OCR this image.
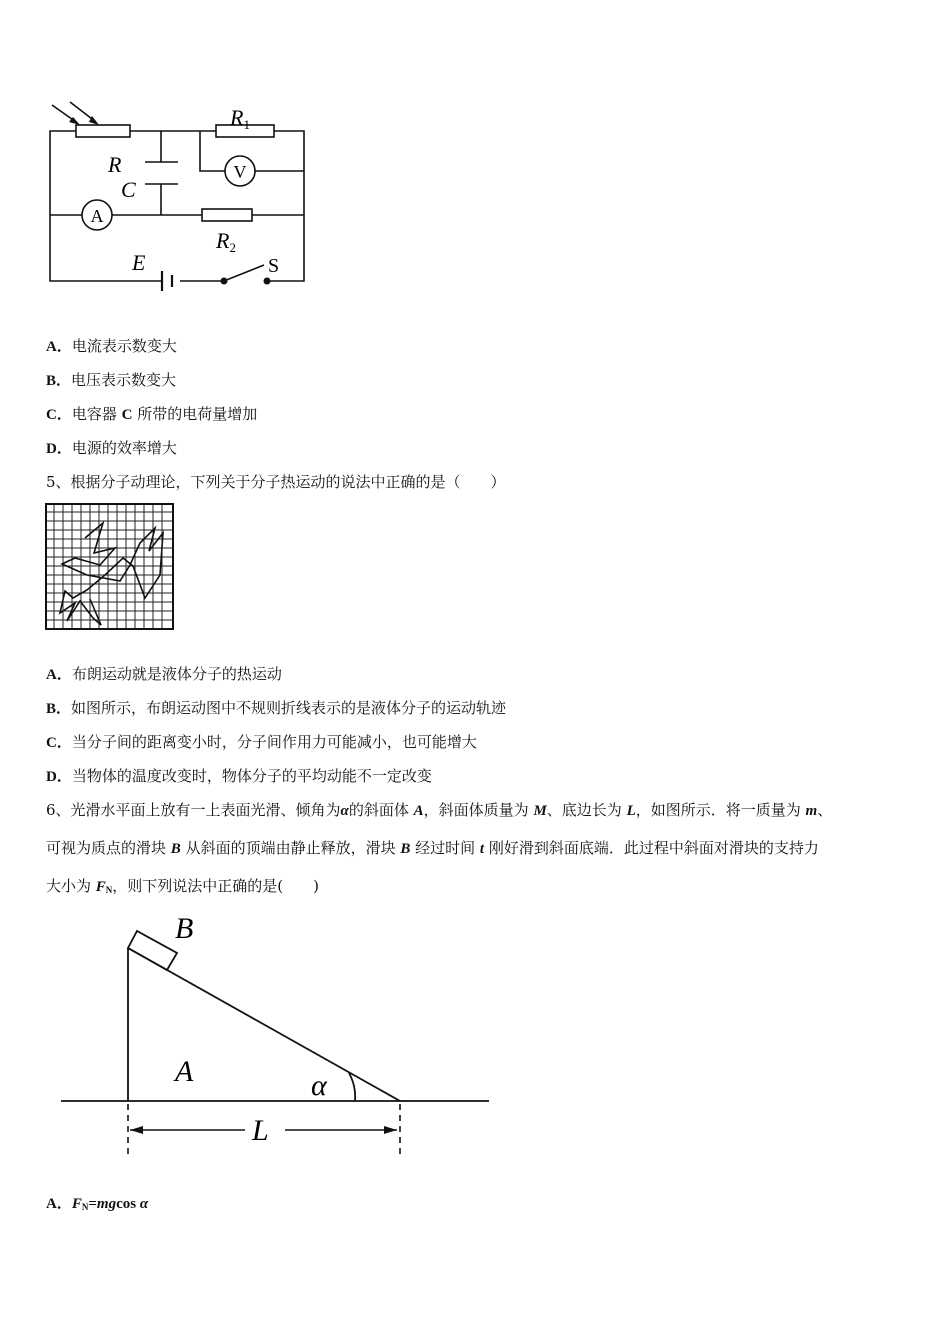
R
R1
C
R2
E	S
V
A
A．电流表示数变大
B．电压表示数变大
C．电容器 C 所带的电荷量增加
D．电源的效率增大
5、根据分子动理论，下列关于分子热运动的说法中正确的是（　　）
A．布朗运动就是液体分子的热运动
B．如图所示，布朗运动图中不规则折线表示的是液体分子的运动轨迹
C．当分子间的距离变小时，分子间作用力可能减小，也可能增大
D．当物体的温度改变时，物体分子的平均动能不一定改变
6、光滑水平面上放有一上表面光滑、倾角为α的斜面体 A，斜面体质量为 M、底边长为 L，如图所示．将一质量为 m、
可视为质点的滑块 B 从斜面的顶端由静止释放，滑块 B 经过时间 t 刚好滑到斜面底端．此过程中斜面对滑块的支持力
大小为 $F_N$，则下列说法中正确的是(　　)
B
A	α
L
A．$F_N=mgcos$ α
